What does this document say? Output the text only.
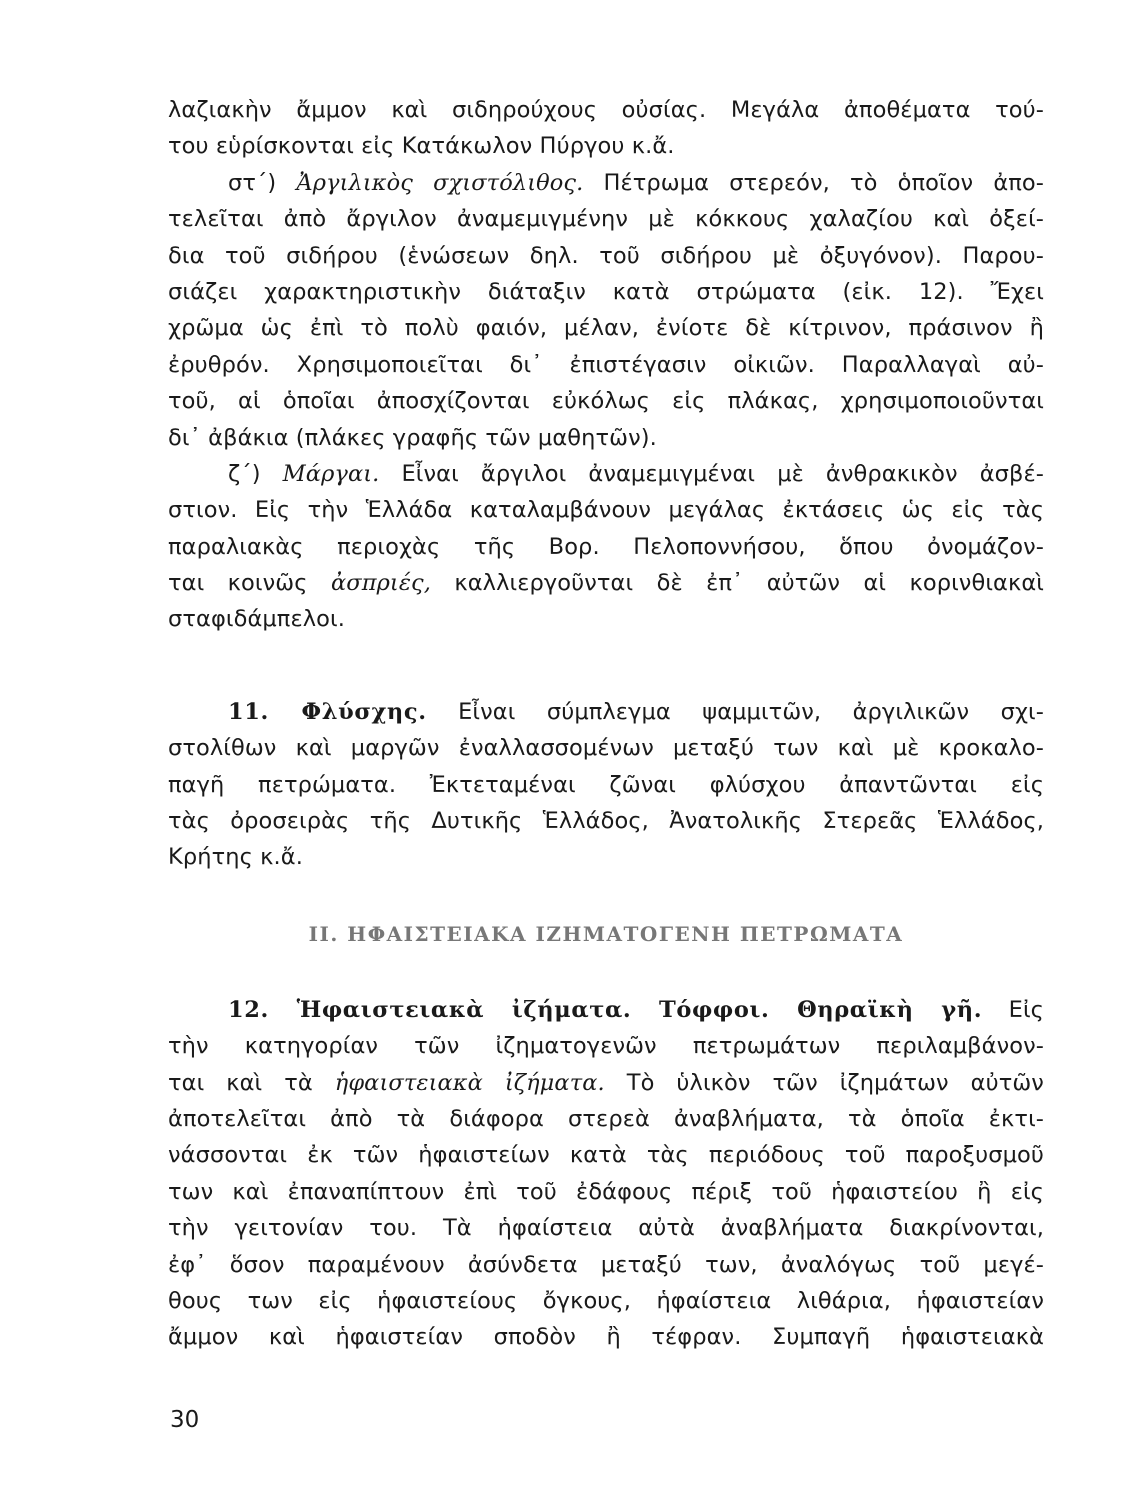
λαζιακὴν ἄμμον καὶ σιδηρούχους οὐσίας. Μεγάλα ἀποθέματα τού-
του εὑρίσκονται εἰς Κατάκωλον Πύργου κ.ἄ.
στ΄) Ἀργιλικὸς σχιστόλιθος. Πέτρωμα στερεόν, τὸ ὁποῖον ἀπο-
τελεῖται ἀπὸ ἄργιλον ἀναμεμιγμένην μὲ κόκκους χαλαζίου καὶ ὀξεί-
δια τοῦ σιδήρου (ἑνώσεων δηλ. τοῦ σιδήρου μὲ ὀξυγόνον). Παρου-
σιάζει χαρακτηριστικὴν διάταξιν κατὰ στρώματα (εἰκ. 12). Ἔχει
χρῶμα ὡς ἐπὶ τὸ πολὺ φαιόν, μέλαν, ἐνίοτε δὲ κίτρινον, πράσινον ἢ
ἐρυθρόν. Χρησιμοποιεῖται δι᾽ ἐπιστέγασιν οἰκιῶν. Παραλλαγαὶ αὐ-
τοῦ, αἱ ὁποῖαι ἀποσχίζονται εὐκόλως εἰς πλάκας, χρησιμοποιοῦνται
δι᾽ ἀβάκια (πλάκες γραφῆς τῶν μαθητῶν).
ζ΄) Μάργαι. Εἶναι ἄργιλοι ἀναμεμιγμέναι μὲ ἀνθρακικὸν ἀσβέ-
στιον. Εἰς τὴν Ἑλλάδα καταλαμβάνουν μεγάλας ἐκτάσεις ὡς εἰς τὰς
παραλιακὰς περιοχὰς τῆς Βορ. Πελοποννήσου, ὅπου ὀνομάζον-
ται κοινῶς ἀσπριές, καλλιεργοῦνται δὲ ἐπ᾽ αὐτῶν αἱ κορινθιακαὶ
σταφιδάμπελοι.
11. Φλύσχης. Εἶναι σύμπλεγμα ψαμμιτῶν, ἀργιλικῶν σχι-
στολίθων καὶ μαργῶν ἐναλλασσομένων μεταξύ των καὶ μὲ κροκαλο-
παγῆ πετρώματα. Ἐκτεταμέναι ζῶναι φλύσχου ἀπαντῶνται εἰς
τὰς ὀροσειρὰς τῆς Δυτικῆς Ἑλλάδος, Ἀνατολικῆς Στερεᾶς Ἑλλάδος,
Κρήτης κ.ἄ.
II. ΗΦΑΙΣΤΕΙΑΚΑ ΙΖΗΜΑΤΟΓΕΝΗ ΠΕΤΡΩΜΑΤΑ
12. Ἡφαιστειακὰ ἰζήματα. Τόφφοι. Θηραϊκὴ γῆ. Εἰς
τὴν κατηγορίαν τῶν ἰζηματογενῶν πετρωμάτων περιλαμβάνον-
ται καὶ τὰ ἡφαιστειακὰ ἰζήματα. Τὸ ὑλικὸν τῶν ἰζημάτων αὐτῶν
ἀποτελεῖται ἀπὸ τὰ διάφορα στερεὰ ἀναβλήματα, τὰ ὁποῖα ἐκτι-
νάσσονται ἐκ τῶν ἡφαιστείων κατὰ τὰς περιόδους τοῦ παροξυσμοῦ
των καὶ ἐπαναπίπτουν ἐπὶ τοῦ ἐδάφους πέριξ τοῦ ἡφαιστείου ἢ εἰς
τὴν γειτονίαν του. Τὰ ἡφαίστεια αὐτὰ ἀναβλήματα διακρίνονται,
ἐφ᾽ ὅσον παραμένουν ἀσύνδετα μεταξύ των, ἀναλόγως τοῦ μεγέ-
θους των εἰς ἡφαιστείους ὄγκους, ἡφαίστεια λιθάρια, ἡφαιστείαν
ἄμμον καὶ ἡφαιστείαν σποδὸν ἢ τέφραν. Συμπαγῆ ἡφαιστειακὰ
30
